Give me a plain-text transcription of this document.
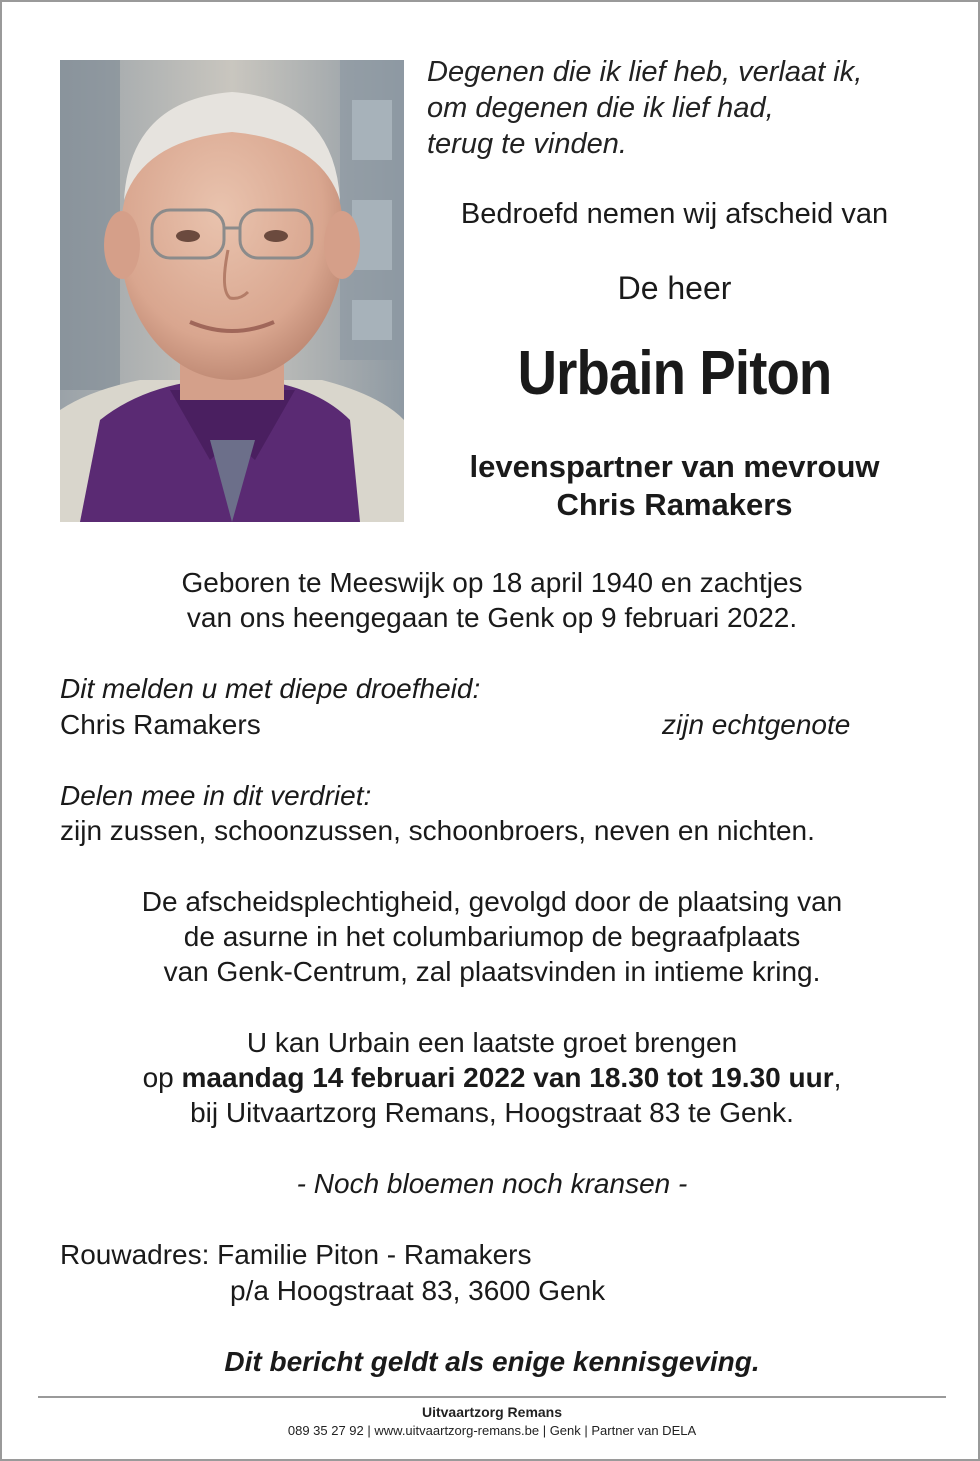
Degenen die ik lief heb, verlaat ik,
om degenen die ik lief had,
terug te vinden.

Bedroefd nemen wij afscheid van

De heer

Urbain Piton

levenspartner van mevrouw
Chris Ramakers
Geboren te Meeswijk op 18 april 1940 en zachtjes
van ons heengegaan te Genk op 9 februari 2022.

Dit melden u met diepe droefheid:

Chris Ramakers	zijn echtgenote

Delen mee in dit verdriet:

zijn zussen, schoonzussen, schoonbroers, neven en nichten.

De afscheidsplechtigheid, gevolgd door de plaatsing van
de asurne in het columbariumop de begraafplaats
van Genk-Centrum, zal plaatsvinden in intieme kring.
U kan Urbain een laatste groet brengen
op maandag 14 februari 2022 van 18.30 tot 19.30 uur,
bij Uitvaartzorg Remans, Hoogstraat 83 te Genk.

- Noch bloemen noch kransen -

Rouwadres: Familie Piton - Ramakers

p/a Hoogstraat 83, 3600 Genk

Dit bericht geldt als enige kennisgeving.

Uitvaartzorg Remans

089 35 27 92 | www.uitvaartzorg-remans.be | Genk | Partner van DELA
